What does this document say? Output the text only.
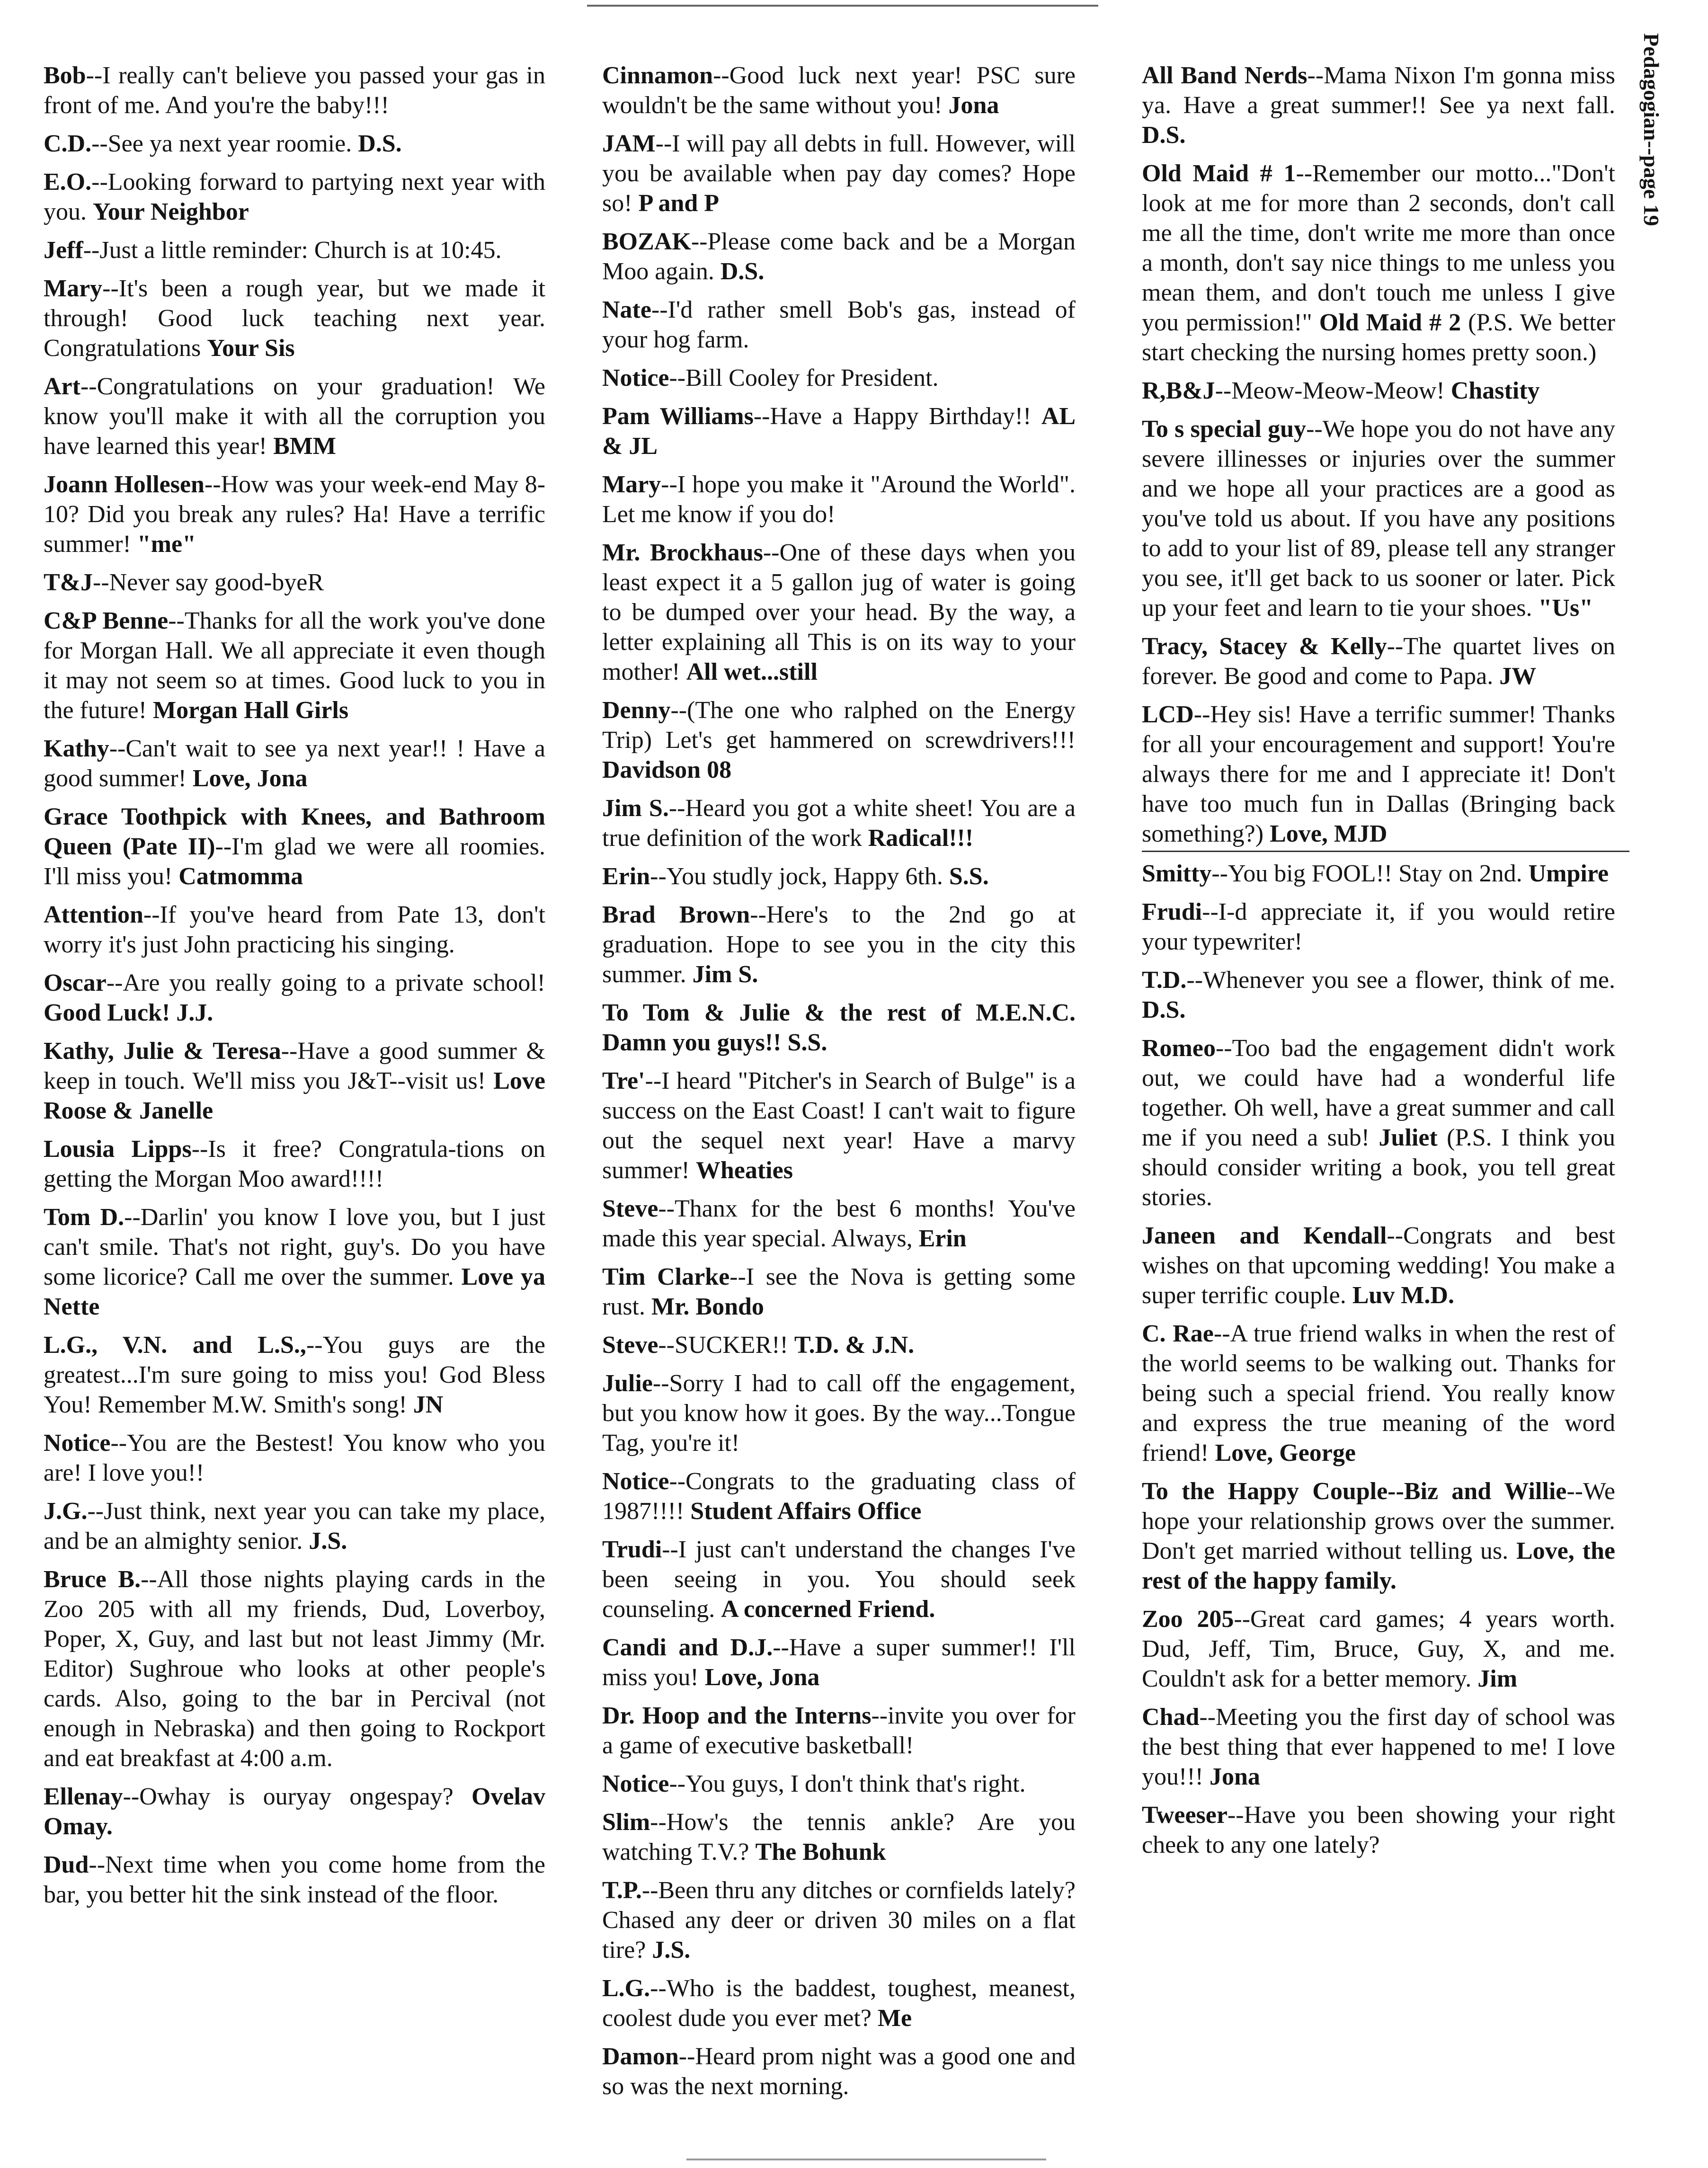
Pedagogian--page 19

Bob--I really can't believe you passed your gas in front of me. And you're the baby!!!

C.D.--See ya next year roomie. D.S.

E.O.--Looking forward to partying next year with you. Your Neighbor

Jeff--Just a little reminder: Church is at 10:45.

Mary--It's been a rough year, but we made it through! Good luck teaching next year. Congratulations Your Sis

Art--Congratulations on your graduation! We know you'll make it with all the corruption you have learned this year! BMM

Joann Hollesen--How was your week-end May 8-10? Did you break any rules? Ha! Have a terrific summer! "me"

T&J--Never say good-byeR

C&P Benne--Thanks for all the work you've done for Morgan Hall. We all appreciate it even though it may not seem so at times. Good luck to you in the future! Morgan Hall Girls

Kathy--Can't wait to see ya next year!! ! Have a good summer! Love, Jona

Grace Toothpick with Knees, and Bathroom Queen (Pate II)--I'm glad we were all roomies. I'll miss you! Catmomma

Attention--If you've heard from Pate 13, don't worry it's just John practicing his singing.

Oscar--Are you really going to a private school! Good Luck! J.J.

Kathy, Julie & Teresa--Have a good summer & keep in touch. We'll miss you J&T--visit us! Love Roose & Janelle

Lousia Lipps--Is it free? Congratula-tions on getting the Morgan Moo award!!!!

Tom D.--Darlin' you know I love you, but I just can't smile. That's not right, guy's. Do you have some licorice? Call me over the summer. Love ya Nette

L.G., V.N. and L.S.,--You guys are the greatest...I'm sure going to miss you! God Bless You! Remember M.W. Smith's song! JN

Notice--You are the Bestest! You know who you are! I love you!!

J.G.--Just think, next year you can take my place, and be an almighty senior. J.S.

Bruce B.--All those nights playing cards in the Zoo 205 with all my friends, Dud, Loverboy, Poper, X, Guy, and last but not least Jimmy (Mr. Editor) Sughroue who looks at other people's cards. Also, going to the bar in Percival (not enough in Nebraska) and then going to Rockport and eat breakfast at 4:00 a.m.

Ellenay--Owhay is ouryay ongespay? Ovelav Omay.

Dud--Next time when you come home from the bar, you better hit the sink instead of the floor.

Cinnamon--Good luck next year! PSC sure wouldn't be the same without you! Jona

JAM--I will pay all debts in full. However, will you be available when pay day comes? Hope so! P and P

BOZAK--Please come back and be a Morgan Moo again. D.S.

Nate--I'd rather smell Bob's gas, instead of your hog farm.

Notice--Bill Cooley for President.

Pam Williams--Have a Happy Birthday!! AL & JL

Mary--I hope you make it "Around the World". Let me know if you do!

Mr. Brockhaus--One of these days when you least expect it a 5 gallon jug of water is going to be dumped over your head. By the way, a letter explaining all This is on its way to your mother! All wet...still

Denny--(The one who ralphed on the Energy Trip) Let's get hammered on screwdrivers!!! Davidson 08

Jim S.--Heard you got a white sheet! You are a true definition of the work Radical!!!

Erin--You studly jock, Happy 6th. S.S.

Brad Brown--Here's to the 2nd go at graduation. Hope to see you in the city this summer. Jim S.

To Tom & Julie & the rest of M.E.N.C. Damn you guys!! S.S.

Tre'--I heard "Pitcher's in Search of Bulge" is a success on the East Coast! I can't wait to figure out the sequel next year! Have a marvy summer! Wheaties

Steve--Thanx for the best 6 months! You've made this year special. Always, Erin

Tim Clarke--I see the Nova is getting some rust. Mr. Bondo

Steve--SUCKER!! T.D. & J.N.

Julie--Sorry I had to call off the engagement, but you know how it goes. By the way...Tongue Tag, you're it!

Notice--Congrats to the graduating class of 1987!!!! Student Affairs Office

Trudi--I just can't understand the changes I've been seeing in you. You should seek counseling. A concerned Friend.

Candi and D.J.--Have a super summer!! I'll miss you! Love, Jona

Dr. Hoop and the Interns--invite you over for a game of executive basketball!

Notice--You guys, I don't think that's right.

Slim--How's the tennis ankle? Are you watching T.V.? The Bohunk

T.P.--Been thru any ditches or cornfields lately? Chased any deer or driven 30 miles on a flat tire? J.S.

L.G.--Who is the baddest, toughest, meanest, coolest dude you ever met? Me

Damon--Heard prom night was a good one and so was the next morning.

All Band Nerds--Mama Nixon I'm gonna miss ya. Have a great summer!! See ya next fall. D.S.

Old Maid # 1--Remember our motto..."Don't look at me for more than 2 seconds, don't call me all the time, don't write me more than once a month, don't say nice things to me unless you mean them, and don't touch me unless I give you permission!" Old Maid # 2 (P.S. We better start checking the nursing homes pretty soon.)

R,B&J--Meow-Meow-Meow! Chastity

To s special guy--We hope you do not have any severe illinesses or injuries over the summer and we hope all your practices are a good as you've told us about. If you have any positions to add to your list of 89, please tell any stranger you see, it'll get back to us sooner or later. Pick up your feet and learn to tie your shoes. "Us"

Tracy, Stacey & Kelly--The quartet lives on forever. Be good and come to Papa. JW

LCD--Hey sis! Have a terrific summer! Thanks for all your encouragement and support! You're always there for me and I appreciate it! Don't have too much fun in Dallas (Bringing back something?) Love, MJD

Smitty--You big FOOL!! Stay on 2nd. Umpire

Frudi--I-d appreciate it, if you would retire your typewriter!

T.D.--Whenever you see a flower, think of me. D.S.

Romeo--Too bad the engagement didn't work out, we could have had a wonderful life together. Oh well, have a great summer and call me if you need a sub! Juliet (P.S. I think you should consider writing a book, you tell great stories.

Janeen and Kendall--Congrats and best wishes on that upcoming wedding! You make a super terrific couple. Luv M.D.

C. Rae--A true friend walks in when the rest of the world seems to be walking out. Thanks for being such a special friend. You really know and express the true meaning of the word friend! Love, George

To the Happy Couple--Biz and Willie--We hope your relationship grows over the summer. Don't get married without telling us. Love, the rest of the happy family.

Zoo 205--Great card games; 4 years worth. Dud, Jeff, Tim, Bruce, Guy, X, and me. Couldn't ask for a better memory. Jim

Chad--Meeting you the first day of school was the best thing that ever happened to me! I love you!!! Jona

Tweeser--Have you been showing your right cheek to any one lately?
